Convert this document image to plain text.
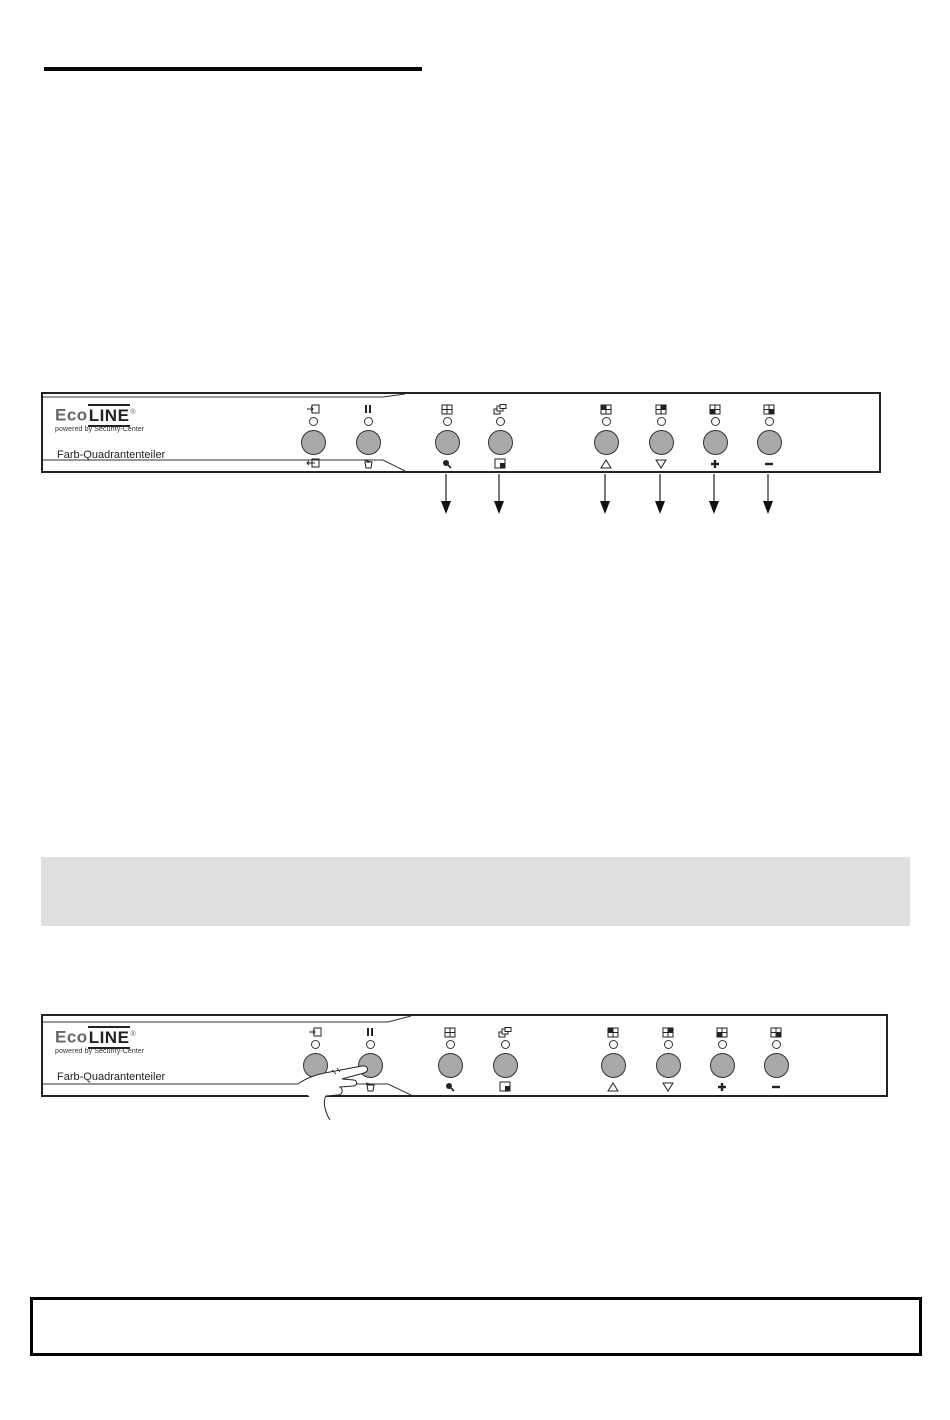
EcoLINE®
powered by Security-Center
Farb-Quadrantenteiler
EcoLINE®
powered by Security-Center
Farb-Quadrantenteiler
